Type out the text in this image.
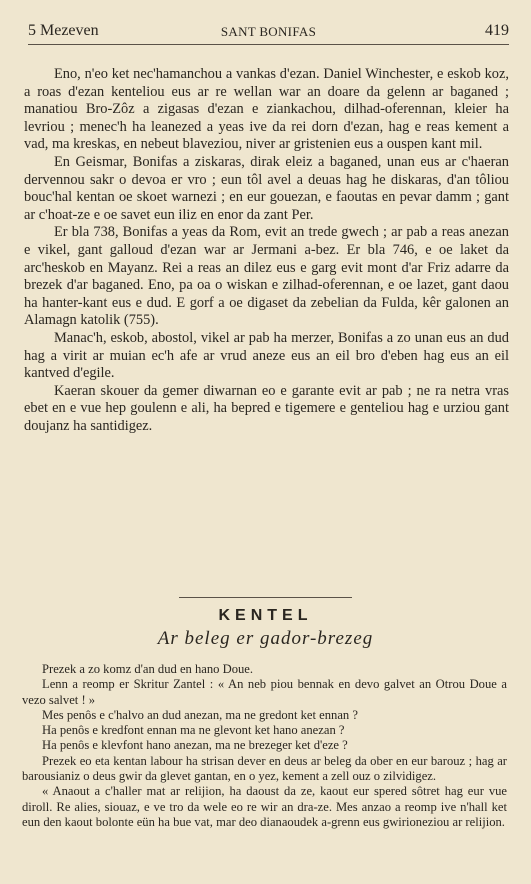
5 Mezeven	SANT BONIFAS	419

Eno, n'eo ket nec'hamanchou a vankas d'ezan. Daniel Winchester, e eskob koz, a roas d'ezan kenteliou eus ar re wellan war an doare da gelenn ar baganed ; manatiou Bro-Zôz a zigasas d'ezan e ziankachou, dilhad-oferennan, kleier ha levriou ; menec'h ha leanezed a yeas ive da rei dorn d'ezan, hag e reas kement a vad, ma kreskas, en nebeut blaveziou, niver ar gristenien eus a ouspen kant mil.

En Geismar, Bonifas a ziskaras, dirak eleiz a baganed, unan eus ar c'haeran dervennou sakr o devoa er vro ; eun tôl avel a deuas hag he diskaras, d'an tôliou bouc'hal kentan oe skoet warnezi ; en eur gouezan, e faoutas en pevar damm ; gant ar c'hoat-ze e oe savet eun iliz en enor da zant Per.

Er bla 738, Bonifas a yeas da Rom, evit an trede gwech ; ar pab a reas anezan e vikel, gant galloud d'ezan war ar Jermani a-bez. Er bla 746, e oe laket da arc'heskob en Mayanz. Rei a reas an dilez eus e garg evit mont d'ar Friz adarre da brezek d'ar baganed. Eno, pa oa o wiskan e zilhad-oferennan, e oe lazet, gant daou ha hanter-kant eus e dud. E gorf a oe digaset da zebelian da Fulda, kêr galonen an Alamagn katolik (755).

Manac'h, eskob, abostol, vikel ar pab ha merzer, Bonifas a zo unan eus an dud hag a virit ar muian ec'h afe ar vrud aneze eus an eil bro d'eben hag eus an eil kantved d'egile.

Kaeran skouer da gemer diwarnan eo e garante evit ar pab ; ne ra netra vras ebet en e vue hep goulenn e ali, ha bepred e tigemere e genteliou hag e urziou gant doujanz ha santidigez.

KENTEL
Ar beleg er gador-brezeg

Prezek a zo komz d'an dud en hano Doue.

Lenn a reomp er Skritur Zantel : « An neb piou bennak en devo galvet an Otrou Doue a vezo salvet ! »

Mes penôs e c'halvo an dud anezan, ma ne gredont ket ennan ?

Ha penôs e kredfont ennan ma ne glevont ket hano anezan ?

Ha penôs e klevfont hano anezan, ma ne brezeger ket d'eze ?

Prezek eo eta kentan labour ha strisan dever en deus ar beleg da ober en eur barouz ; hag ar barousianiz o deus gwir da glevet gantan, en o yez, kement a zell ouz o zilvidigez.

« Anaout a c'haller mat ar relijion, ha daoust da ze, kaout eur spered sôtret hag eur vue diroll. Re alies, siouaz, e ve tro da wele eo re wir an dra-ze. Mes anzao a reomp ive n'hall ket eun den kaout bolonte eün ha bue vat, mar deo dianaoudek a-grenn eus gwirioneziou ar relijion.
